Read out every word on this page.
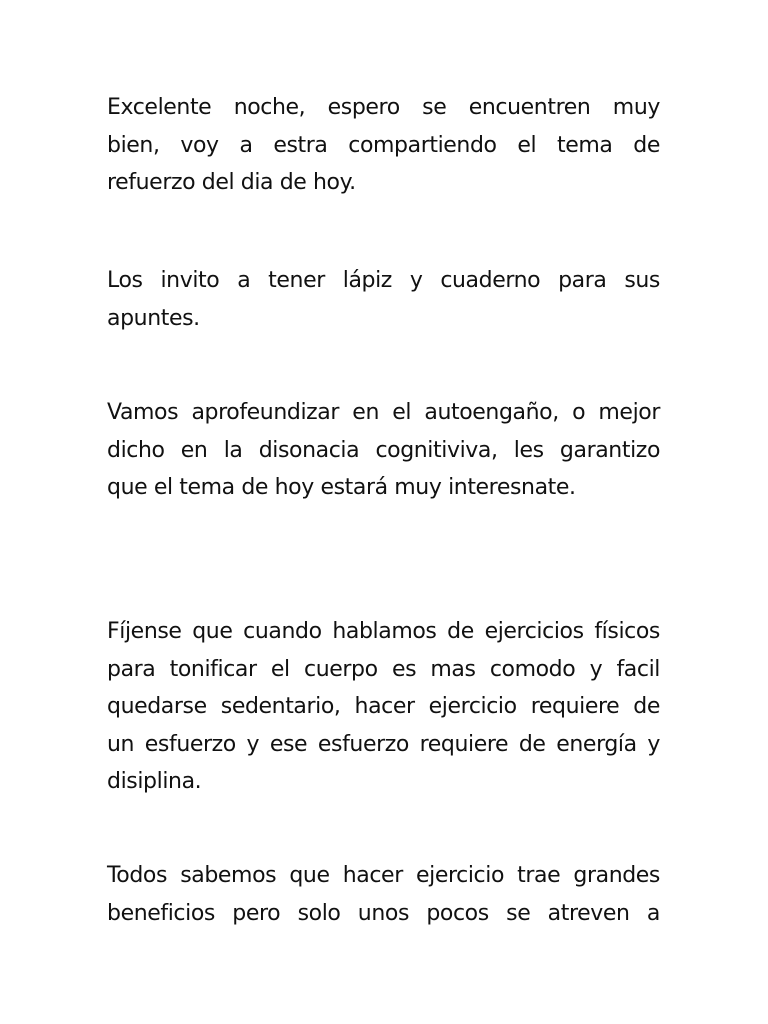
Excelente noche, espero se encuentren muy
bien, voy a estra compartiendo el tema de
refuerzo del dia de hoy.

Los invito a tener lápiz y cuaderno para sus
apuntes.

Vamos aprofeundizar en el autoengaño, o mejor
dicho en la disonacia cognitiviva, les garantizo
que el tema de hoy estará muy interesnate.

Fíjense que cuando hablamos de ejercicios físicos
para tonificar el cuerpo es mas comodo y facil
quedarse sedentario, hacer ejercicio requiere de
un esfuerzo y ese esfuerzo requiere de energía y
disiplina.

Todos sabemos que hacer ejercicio trae grandes
beneficios pero solo unos pocos se atreven a
